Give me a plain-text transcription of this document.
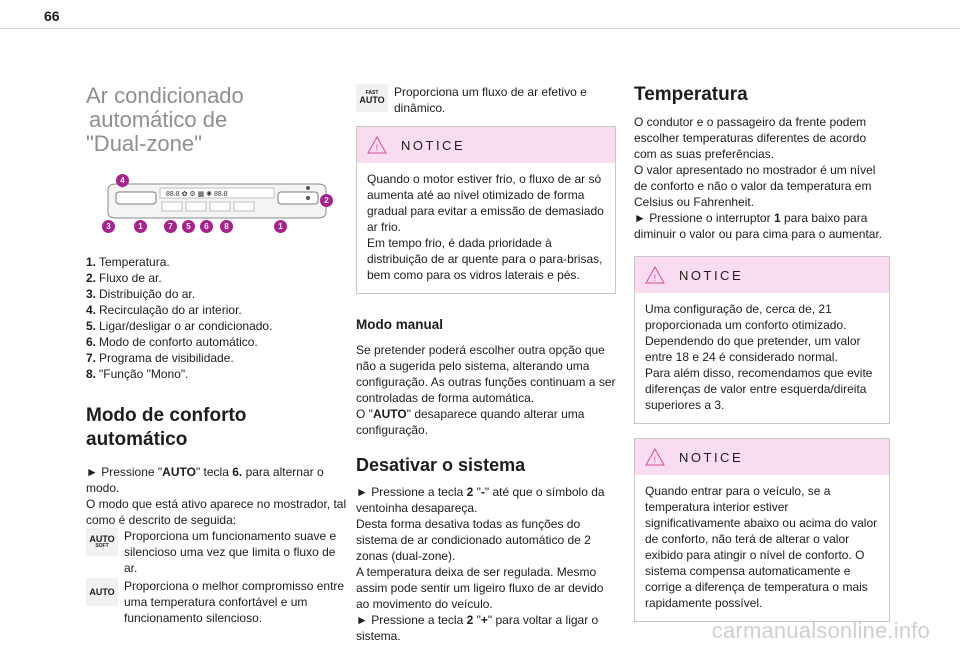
66
Ar condicionado
automático de
"Dual-zone"
88.8 ✿ ⚙ ▦ ✺ 88.8
4
2
3	1	7	5	6	8	1
1. Temperatura.
2. Fluxo de ar.
3. Distribuição do ar.
4. Recirculação do ar interior.
5. Ligar/desligar o ar condicionado.
6. Modo de conforto automático.
7. Programa de visibilidade.
8. "Função "Mono".
Modo de conforto
automático

► Pressione "AUTO" tecla 6. para alternar o modo.
O modo que está ativo aparece no mostrador, tal como é descrito de seguida:

AUTO
SOFT
Proporciona um funcionamento suave e silencioso uma vez que limita o fluxo de ar.
AUTO Proporciona o melhor compromisso entre uma temperatura confortável e um funcionamento silencioso.
FAST
AUTO
Proporciona um fluxo de ar efetivo e dinâmico.
! NOTICE
Quando o motor estiver frio, o fluxo de ar só aumenta até ao nível otimizado de forma gradual para evitar a emissão de demasiado ar frio.
Em tempo frio, é dada prioridade à distribuição de ar quente para o para-brisas, bem como para os vidros laterais e pés.
Modo manual

Se pretender poderá escolher outra opção que não a sugerida pelo sistema, alterando uma configuração. As outras funções continuam a ser controladas de forma automática.
O "AUTO" desaparece quando alterar uma configuração.

Desativar o sistema

► Pressione a tecla 2 "-" até que o símbolo da ventoinha desapareça.
Desta forma desativa todas as funções do sistema de ar condicionado automático de 2 zonas (dual-zone).
A temperatura deixa de ser regulada. Mesmo assim pode sentir um ligeiro fluxo de ar devido ao movimento do veículo.
► Pressione a tecla 2 "+" para voltar a ligar o sistema.

Temperatura

O condutor e o passageiro da frente podem escolher temperaturas diferentes de acordo com as suas preferências.
O valor apresentado no mostrador é um nível de conforto e não o valor da temperatura em Celsius ou Fahrenheit.
► Pressione o interruptor 1 para baixo para diminuir o valor ou para cima para o aumentar.

! NOTICE
Uma configuração de, cerca de, 21 proporcionada um conforto otimizado. Dependendo do que pretender, um valor entre 18 e 24 é considerado normal.
Para além disso, recomendamos que evite diferenças de valor entre esquerda/direita superiores a 3.
! NOTICE
Quando entrar para o veículo, se a temperatura interior estiver significativamente abaixo ou acima do valor de conforto, não terá de alterar o valor exibido para atingir o nível de conforto. O sistema compensa automaticamente e corrige a diferença de temperatura o mais rapidamente possível.
carmanualsonline.info
